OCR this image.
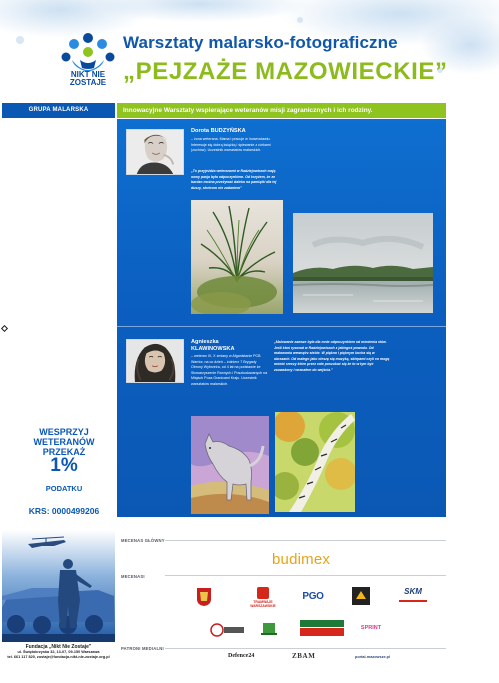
NIKT NIE
ZOSTAJE
Warsztaty malarsko-fotograficzne
„PEJZAŻE MAZOWIECKIE”
GRUPA MALARSKA	Innowacyjne Warsztaty wspierające weteranów misji zagranicznych i ich rodziny.
Dorota BUDZYŃSKA
– żona weterana. Mama i pracuje w Inowrocławiu. Interesuje się dobrą książką i śpiewanie z córkami (zuchów). Uczestnik warsztatów malarskich.
„To przyjeżdża weteranami w Radziejowicach mają nowy pasja była odpoczynkiem. Od krzyżem, że ze bardzo można przeżywać daleko na pamiątki dla tej duszy, słońcom nie zadaniem”
Agnieszka KLAWINOWSKA
– weteran IX, X zmiany w Afganistanie PCB Warrior, na co dzień – żołnierz 7 Brygady Obrony Wybrzeża, od 4 lat na podstawie że Stowarzyszenie Rannych i Poszkodowanych na Misjach Poza Granicami Kraju. Uczestnik warsztatów malarskich.
„Malowanie zawsze była dla mnie odpoczynkiem od mówienia słów. Jeśli ktoś rysował w Radziejowicach z jakiegoś powodu. Od malowania wewnątrz siebie. W piękno i pięknym kocha się w obrazach. Od małego jako cieszę się muzyką, sklepami czyli co mogę mówić rzeczy które przez całe poszukać się że to w tym być zauważony i wracałem do wejścia.”
WESPRZYJ
WETERANÓW
PRZEKAŻ
1%
PODATKU
KRS: 0000499206
Fundacja „Nikt Nie Zostaje”
ul. Świętokrzyska 32, 13-07, 09-150 Warszawa
tel. 661 117 820, zostaje@fundacja-nikt-nie-zostaje.org.pl
MECENAS GŁÓWNY
budimex
MECENASI
TRAMWAJE WARSZAWSKIE
PGO	SKM
SPRINT
PATRONI MEDIALNI
Defence24	ZBAM	portal-mazowsze.pl
